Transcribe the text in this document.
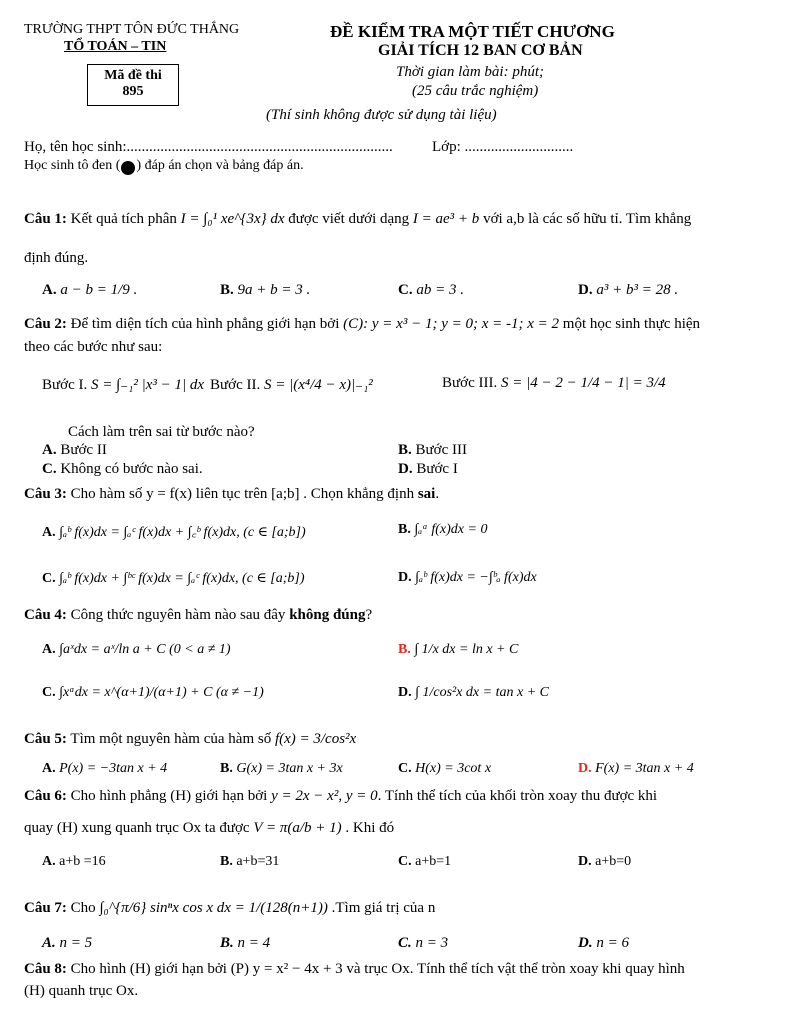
TRƯỜNG THPT TÔN ĐỨC THẮNG
TỔ TOÁN – TIN
Mã đề thi
895
ĐỀ KIỂM TRA MỘT TIẾT CHƯƠNG
GIẢI TÍCH 12 BAN CƠ BẢN
Thời gian làm bài: phút;
(25 câu trắc nghiệm)
(Thí sinh không được sử dụng tài liệu)
Họ, tên học sinh:.......................................................................	Lớp: .............................
Học sinh tô đen ( ) đáp án chọn và bảng đáp án.
Câu 1: Kết quả tích phân I = ∫₀¹ xe^{3x} dx được viết dưới dạng I = ae³ + b với a,b là các số hữu tỉ. Tìm khẳng
định đúng.
A. a − b = 1/9 .	B. 9a + b = 3 .	C. ab = 3 .	D. a³ + b³ = 28 .
Câu 2: Để tìm diện tích của hình phẳng giới hạn bởi (C): y = x³ − 1; y = 0; x = -1; x = 2 một học sinh thực hiện
theo các bước như sau:
Bước I. S = ∫₋₁² |x³ − 1| dx Bước II. S = |(x⁴/4 − x)|₋₁²	Bước III. S = |4 − 2 − 1/4 − 1| = 3/4
Cách làm trên sai từ bước nào?
A. Bước II	B. Bước III
C. Không có bước nào sai.	D. Bước I
Câu 3: Cho hàm số y = f(x) liên tục trên [a;b] . Chọn khẳng định sai.
A. ∫ₐᵇ f(x)dx = ∫ₐᶜ f(x)dx + ∫꜀ᵇ f(x)dx, (c ∈ [a;b])	B. ∫ₐᵃ f(x)dx = 0
C. ∫ₐᵇ f(x)dx + ∫ᵇᶜ f(x)dx = ∫ₐᶜ f(x)dx, (c ∈ [a;b])	D. ∫ₐᵇ f(x)dx = −∫ᵇₐ f(x)dx
Câu 4: Công thức nguyên hàm nào sau đây không đúng?
A. ∫aˣdx = aˣ/ln a + C (0 < a ≠ 1)	B. ∫ 1/x dx = ln x + C
C. ∫xᵅdx = x^(α+1)/(α+1) + C (α ≠ −1)	D. ∫ 1/cos²x dx = tan x + C
Câu 5: Tìm một nguyên hàm của hàm số f(x) = 3/cos²x
A. P(x) = −3tan x + 4	B. G(x) = 3tan x + 3x	C. H(x) = 3cot x	D. F(x) = 3tan x + 4
Câu 6: Cho hình phẳng (H) giới hạn bởi y = 2x − x², y = 0. Tính thể tích của khối tròn xoay thu được khi
quay (H) xung quanh trục Ox ta được V = π(a/b + 1) . Khi đó
A. a+b =16	B. a+b=31	C. a+b=1	D. a+b=0
Câu 7: Cho ∫₀^{π/6} sinⁿx cos x dx = 1/(128(n+1)) .Tìm giá trị của n
A. n = 5	B. n = 4	C. n = 3	D. n = 6
Câu 8: Cho hình (H) giới hạn bởi (P) y = x² − 4x + 3 và trục Ox. Tính thể tích vật thể tròn xoay khi quay hình
(H) quanh trục Ox.
